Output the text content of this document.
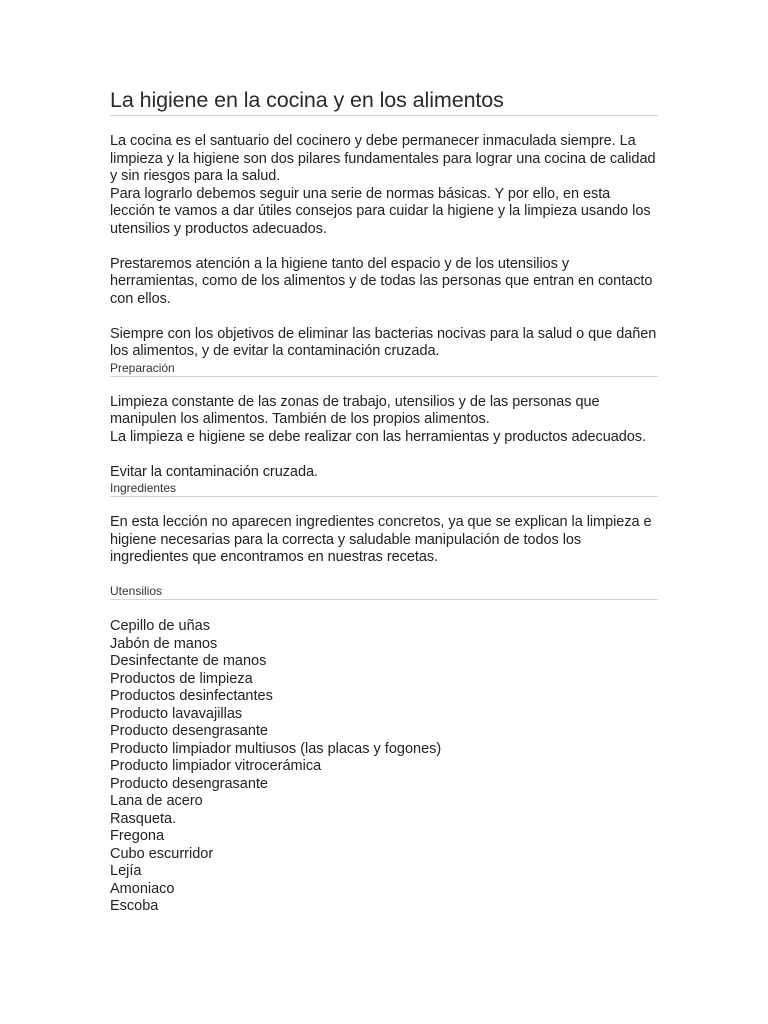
La higiene en la cocina y en los alimentos

La cocina es el santuario del cocinero y debe permanecer inmaculada siempre. La limpieza y la higiene son dos pilares fundamentales para lograr una cocina de calidad y sin riesgos para la salud.

Para lograrlo debemos seguir una serie de normas básicas. Y por ello, en esta lección te vamos a dar útiles consejos para cuidar la higiene y la limpieza usando los utensilios y productos adecuados.

Prestaremos atención a la higiene tanto del espacio y de los utensilios y herramientas, como de los alimentos y de todas las personas que entran en contacto con ellos.

Siempre con los objetivos de eliminar las bacterias nocivas para la salud o que dañen los alimentos, y de evitar la contaminación cruzada.

Preparación

Limpieza constante de las zonas de trabajo, utensilios y de las personas que manipulen los alimentos. También de los propios alimentos.

La limpieza e higiene se debe realizar con las herramientas y productos adecuados.

Evitar la contaminación cruzada.

Ingredientes

En esta lección no aparecen ingredientes concretos, ya que se explican la limpieza e higiene necesarias para la correcta y saludable manipulación de todos los ingredientes que encontramos en nuestras recetas.

Utensilios
Cepillo de uñas
Jabón de manos
Desinfectante de manos
Productos de limpieza
Productos desinfectantes
Producto lavavajillas
Producto desengrasante
Producto limpiador multiusos (las placas y fogones)
Producto limpiador vitrocerámica
Producto desengrasante
Lana de acero
Rasqueta.
Fregona
Cubo escurridor
Lejía
Amoniaco
Escoba
